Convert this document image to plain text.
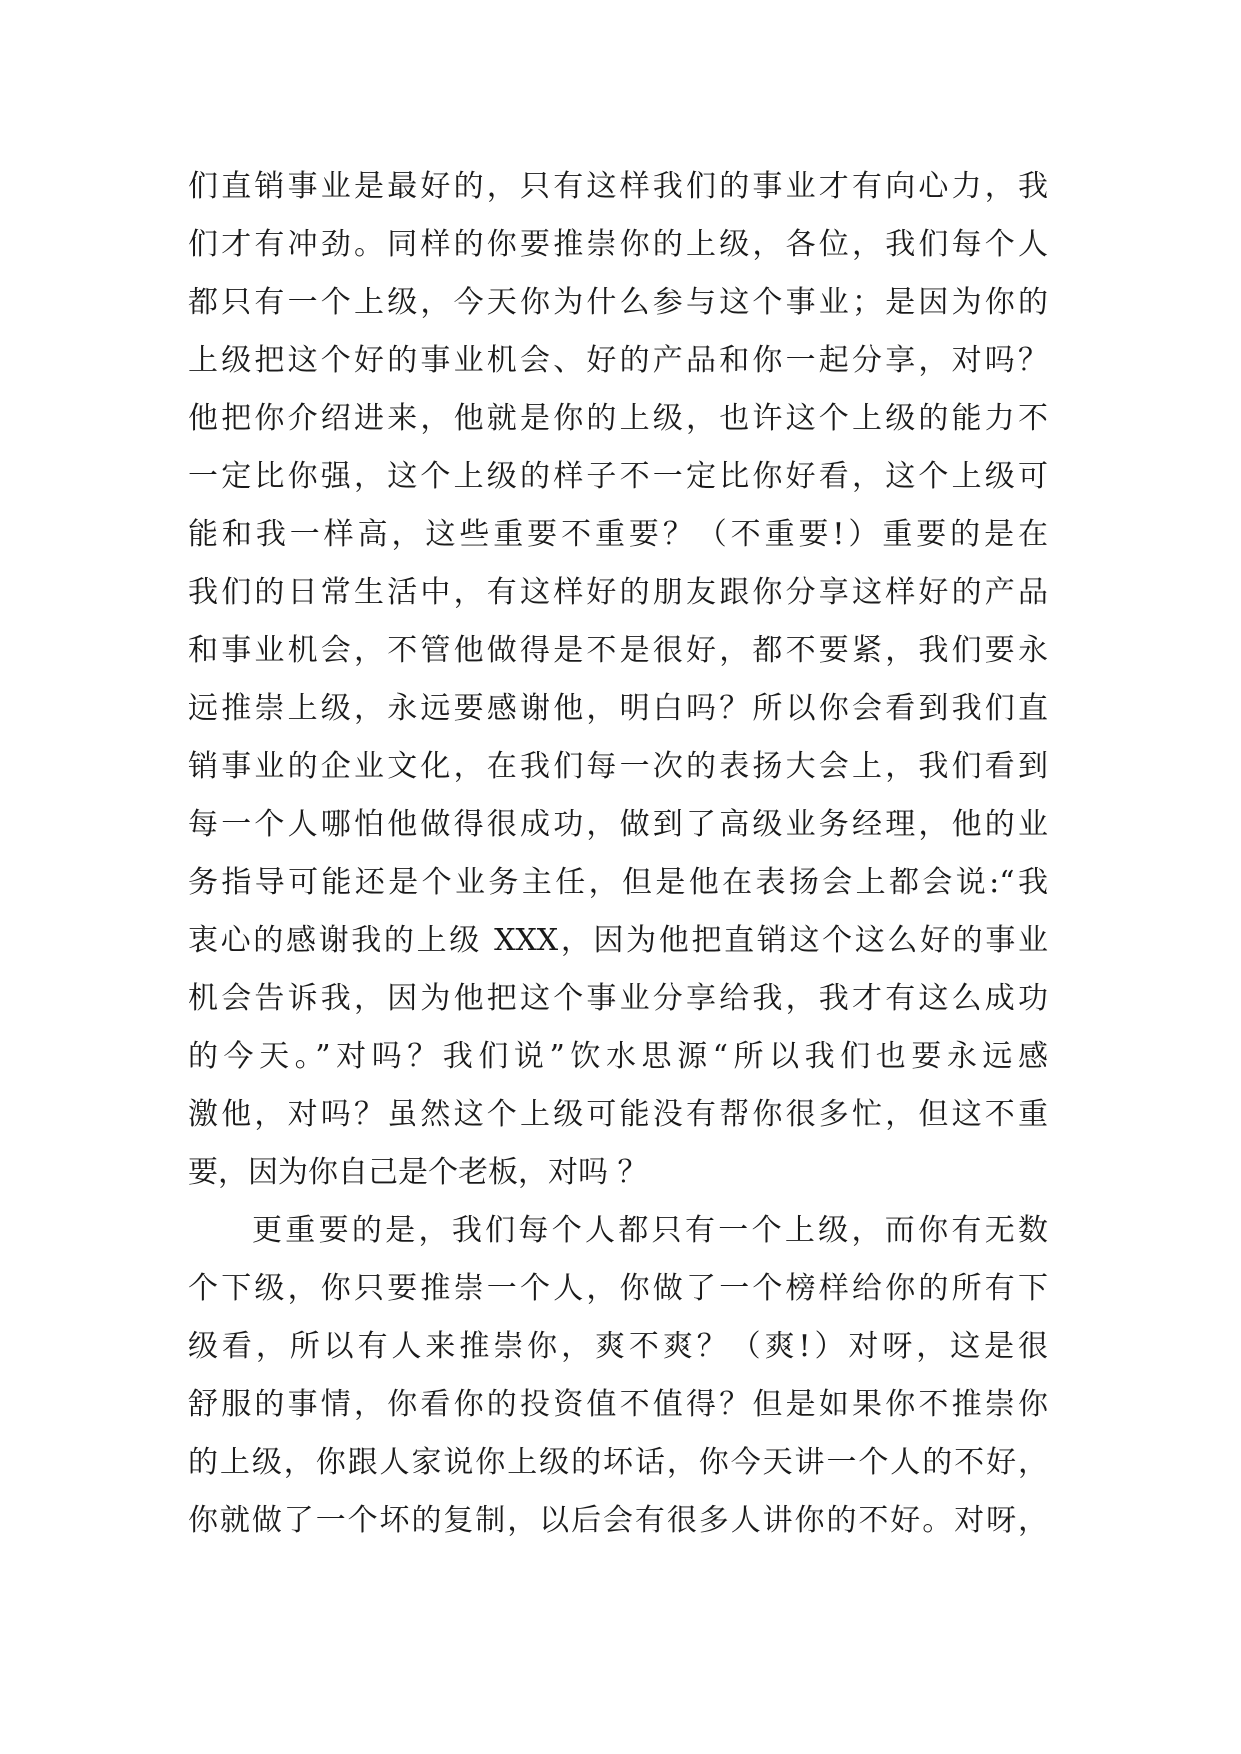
们直销事业是最好的，只有这样我们的事业才有向心力，我
们才有冲劲。同样的你要推崇你的上级，各位，我们每个人
都只有一个上级，今天你为什么参与这个事业；是因为你的
上级把这个好的事业机会、好的产品和你一起分享，对吗？
他把你介绍进来，他就是你的上级，也许这个上级的能力不
一定比你强，这个上级的样子不一定比你好看，这个上级可
能和我一样高，这些重要不重要？（不重要!）重要的是在
我们的日常生活中，有这样好的朋友跟你分享这样好的产品
和事业机会，不管他做得是不是很好，都不要紧，我们要永
远推崇上级，永远要感谢他，明白吗？所以你会看到我们直
销事业的企业文化，在我们每一次的表扬大会上，我们看到
每一个人哪怕他做得很成功，做到了高级业务经理，他的业
务指导可能还是个业务主任，但是他在表扬会上都会说:“我
衷心的感谢我的上级 XXX，因为他把直销这个这么好的事业
机会告诉我，因为他把这个事业分享给我，我才有这么成功
的今天。”对吗？我们说”饮水思源“所以我们也要永远感
激他，对吗？虽然这个上级可能没有帮你很多忙，但这不重
要，因为你自己是个老板，对吗 ？
更重要的是，我们每个人都只有一个上级，而你有无数
个下级，你只要推崇一个人，你做了一个榜样给你的所有下
级看，所以有人来推崇你，爽不爽？（爽!）对呀，这是很
舒服的事情，你看你的投资值不值得？但是如果你不推崇你
的上级，你跟人家说你上级的坏话，你今天讲一个人的不好，
你就做了一个坏的复制，以后会有很多人讲你的不好。对呀，
